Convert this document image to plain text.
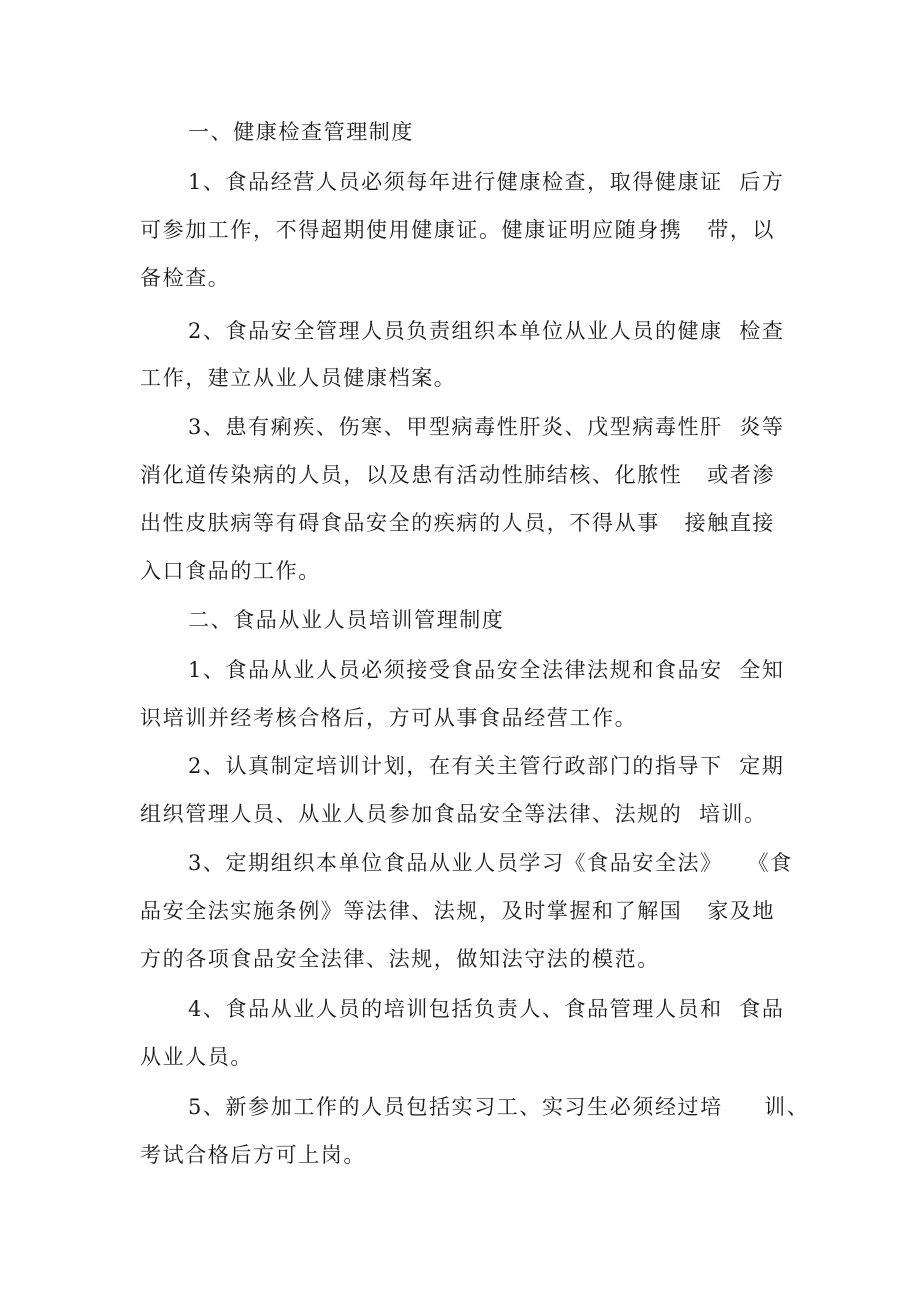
一、健康检查管理制度
1、食品经营人员必须每年进行健康检查，取得健康证  后方
可参加工作，不得超期使用健康证。健康证明应随身携   带，以
备检查。
2、食品安全管理人员负责组织本单位从业人员的健康  检查
工作，建立从业人员健康档案。
3、患有痢疾、伤寒、甲型病毒性肝炎、戊型病毒性肝  炎等
消化道传染病的人员，以及患有活动性肺结核、化脓性   或者渗
出性皮肤病等有碍食品安全的疾病的人员，不得从事   接触直接
入口食品的工作。
二、食品从业人员培训管理制度
1、食品从业人员必须接受食品安全法律法规和食品安  全知
识培训并经考核合格后，方可从事食品经营工作。
2、认真制定培训计划，在有关主管行政部门的指导下  定期
组织管理人员、从业人员参加食品安全等法律、法规的  培训。
3、定期组织本单位食品从业人员学习《食品安全法》   《食
品安全法实施条例》等法律、法规，及时掌握和了解国   家及地
方的各项食品安全法律、法规，做知法守法的模范。
4、食品从业人员的培训包括负责人、食品管理人员和  食品
从业人员。
5、新参加工作的人员包括实习工、实习生必须经过培     训、
考试合格后方可上岗。
